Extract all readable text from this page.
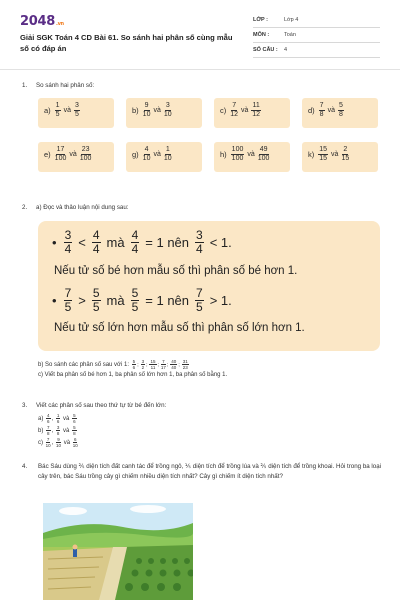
2048.vn
Giải SGK Toán 4 CD Bài 61. So sánh hai phân số cùng mẫu số có đáp án
LỚP :	Lớp 4
MÔN :	Toán
SỐ CÂU : 4
1. So sánh hai phân số:
a)
1
5
và
3
5	b)
9
10
và
3
10	c)
7
12
và
11
12	d)
7
8
và
5
8
e)
17
100
và
23
100	g)
4
10
và
1
10	h)
100
100
và
49
100	k)
15
15
và
2
15
2. a) Đọc và thảo luận nội dung sau:
• 3
4 < 4
4 mà $\frac{4}{4} = 1$ nên 3
4 < 1.
Nếu tử số bé hơn mẫu số thì phân số bé hơn 1.
• 7
5 > 5
5 mà $\frac{5}{5} = 1$ nên 7
5 > 1.
Nếu tử số lớn hơn mẫu số thì phân số lớn hơn 1.
b) So sánh các phân số sau với 1: $\frac{5}{6}$ ; $\frac{3}{2}$ ; $\frac{15}{11}$ ; $\frac{7}{17}$ ; $\frac{40}{40}$ ; $\frac{31}{23}$
c) Viết ba phân số bé hơn 1, ba phân số lớn hơn 1, ba phân số bằng 1.
3. Viết các phân số sau theo thứ tự từ bé đến lớn:
$a) \frac{4}{6}$ , $\frac{1}{6}$ và $\frac{5}{6}$
$b) \frac{7}{8}$ , $\frac{3}{8}$ và $\frac{5}{8}$
$c) \frac{7}{10}$ , $\frac{9}{10}$ và $\frac{6}{10}$
4.	Bác Sáu dùng ⅖ diện tích đất canh tác để trồng ngô, ⅕ diện tích để trồng lúa và ⅖ diện tích để trồng khoai. Hỏi trong ba loại cây trên, bác Sáu trồng cây gì chiếm nhiều diện tích nhất? Cây gì chiếm ít diện tích nhất?
